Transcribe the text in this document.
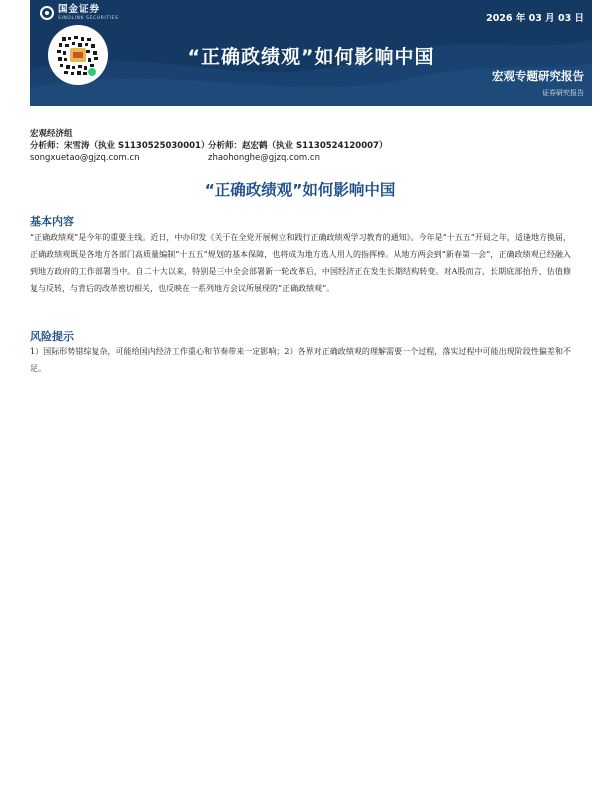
国金证券
SINOLINK SECURITIES	2026 年 03 月 03 日
“正确政绩观”如何影响中国
宏观专题研究报告
证券研究报告
宏观经济组
分析师：宋雪涛（执业 S1130525030001）
songxuetao@gjzq.com.cn
分析师：赵宏鹤（执业 S1130524120007）
zhaohonghe@gjzq.com.cn
“正确政绩观”如何影响中国
基本内容
“正确政绩观”是今年的重要主线。近日，中办印发《关于在全党开展树立和践行正确政绩观学习教育的通知》。今年是“十五五”开局之年，适逢地方换届，正确政绩观既是各地方各部门高质量编制“十五五”规划的基本保障，也将成为地方选人用人的指挥棒。从地方两会到“新春第一会”，正确政绩观已经融入到地方政府的工作部署当中。自二十大以来，特别是三中全会部署新一轮改革后，中国经济正在发生长期结构转变。对A股而言，长期底部抬升、估值修复与反转，与背后的改革密切相关，也反映在一系列地方会议所展现的“正确政绩观”。
风险提示
1）国际形势错综复杂，可能给国内经济工作重心和节奏带来一定影响；2）各界对正确政绩观的理解需要一个过程，落实过程中可能出现阶段性偏差和不足。
